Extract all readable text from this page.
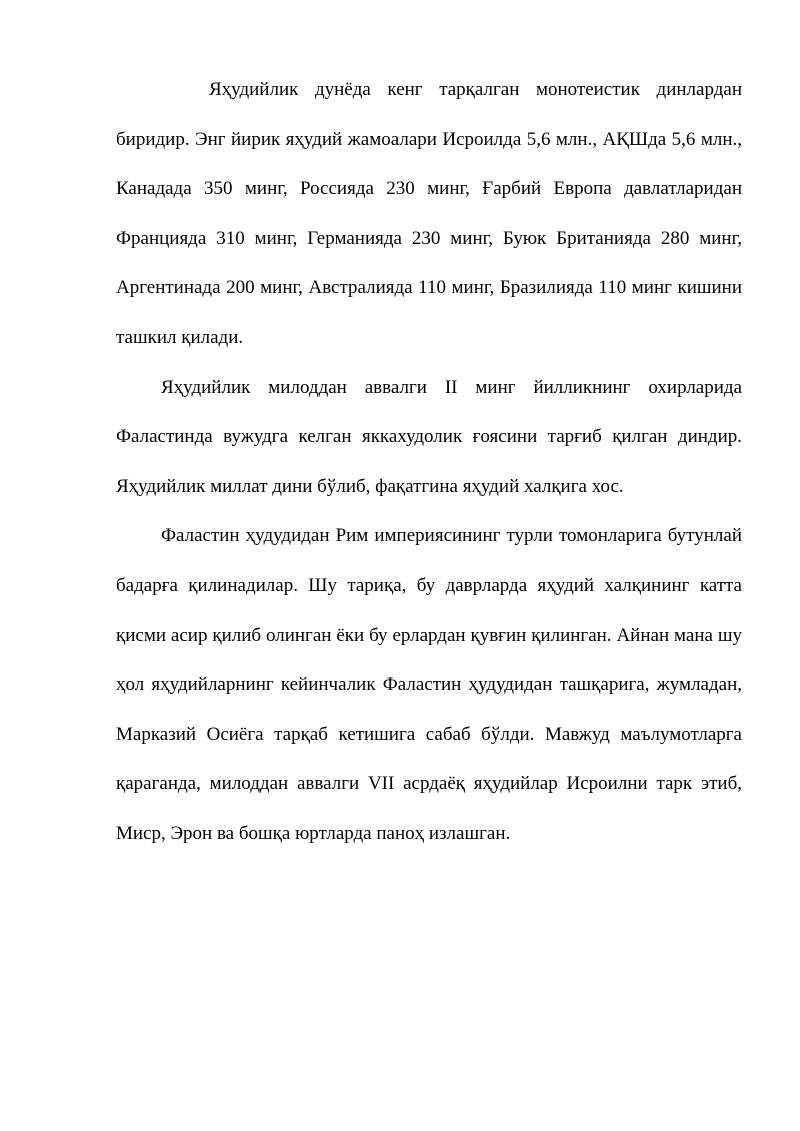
Яҳудийлик дунёда кенг тарқалган монотеистик динлардан биридир. Энг йирик яҳудий жамоалари Исроилда 5,6 млн., АҚШда 5,6 млн., Канадада 350 минг, Россияда 230 минг, Ғарбий Европа давлатларидан Францияда 310 минг, Германияда 230 минг, Буюк Британияда 280 минг, Аргентинада 200 минг, Австралияда 110 минг, Бразилияда 110 минг кишини ташкил қилади.

Яҳудийлик милоддан аввалги II минг йилликнинг охирларида Фаластинда вужудга келган яккахудолик ғоясини тарғиб қилган диндир. Яҳудийлик миллат дини бўлиб, фақатгина яҳудий халқига хос.

Фаластин ҳудудидан Рим империясининг турли томонларига бутунлай бадарға қилинадилар. Шу тариқа, бу даврларда яҳудий халқининг катта қисми асир қилиб олинган ёки бу ерлардан қувғин қилинган. Айнан мана шу ҳол яҳудийларнинг кейинчалик Фаластин ҳудудидан ташқарига, жумладан, Марказий Осиёга тарқаб кетишига сабаб бўлди. Мавжуд маълумотларга қараганда, милоддан аввалги VII асрдаёқ яҳудийлар Исроилни тарк этиб, Миср, Эрон ва бошқа юртларда паноҳ излашган.
